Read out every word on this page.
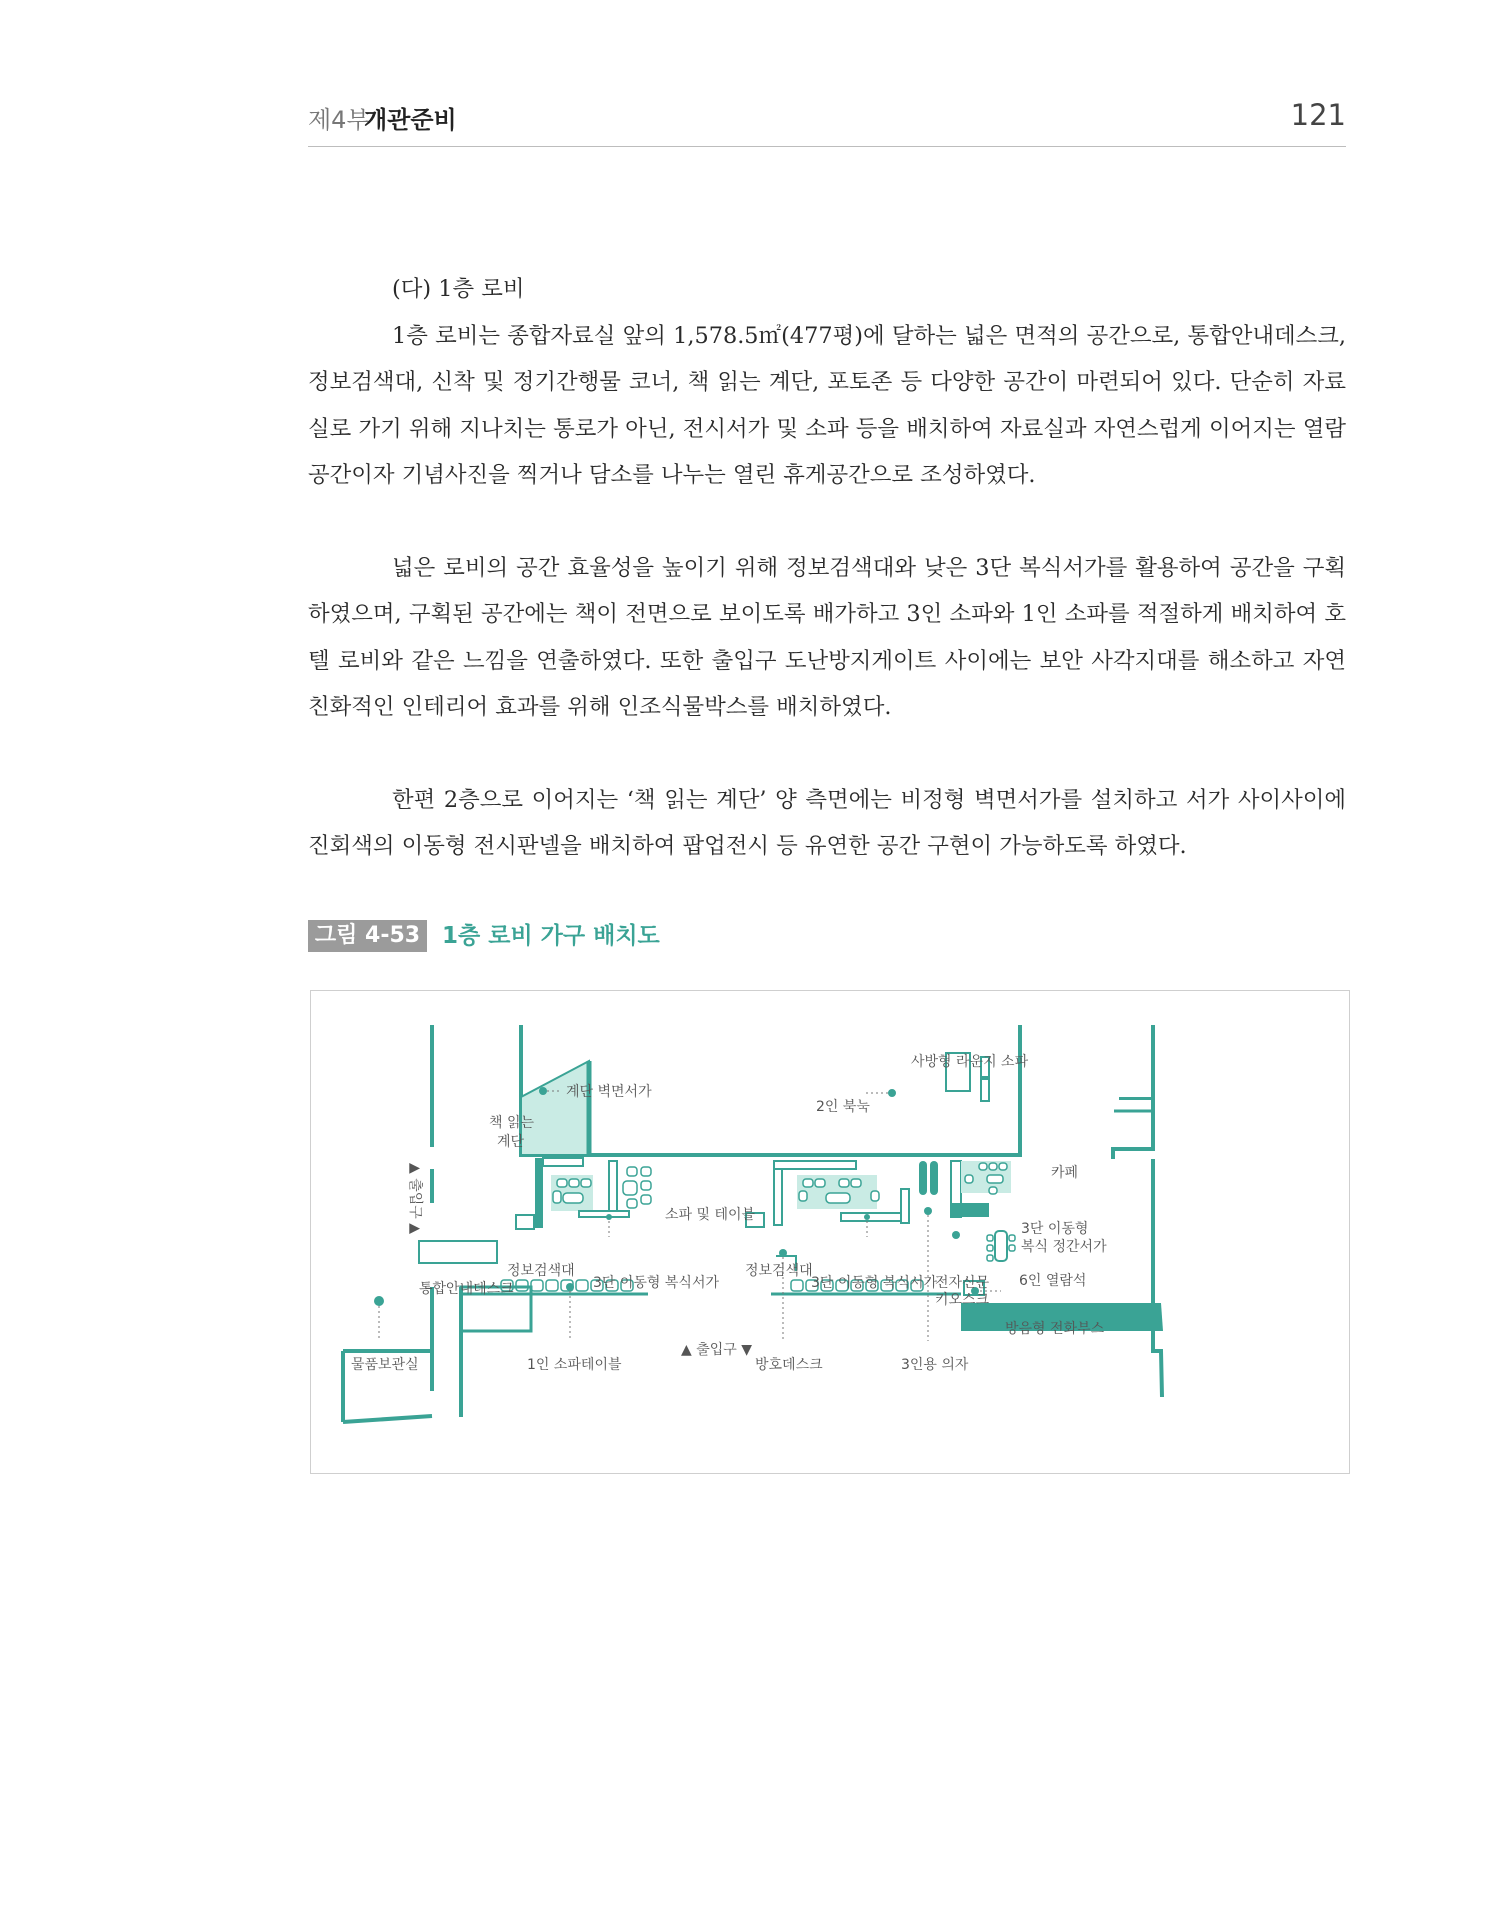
제4부
개관준비	121

(다) 1층 로비

1층 로비는 종합자료실 앞의 1,578.5㎡(477평)에 달하는 넓은 면적의 공간으로, 통합안내데스크, 정보검색대, 신착 및 정기간행물 코너, 책 읽는 계단, 포토존 등 다양한 공간이 마련되어 있다. 단순히 자료실로 가기 위해 지나치는 통로가 아닌, 전시서가 및 소파 등을 배치하여 자료실과 자연스럽게 이어지는 열람공간이자 기념사진을 찍거나 담소를 나누는 열린 휴게공간으로 조성하였다.

넓은 로비의 공간 효율성을 높이기 위해 정보검색대와 낮은 3단 복식서가를 활용하여 공간을 구획하였으며, 구획된 공간에는 책이 전면으로 보이도록 배가하고 3인 소파와 1인 소파를 적절하게 배치하여 호텔 로비와 같은 느낌을 연출하였다. 또한 출입구 도난방지게이트 사이에는 보안 사각지대를 해소하고 자연 친화적인 인테리어 효과를 위해 인조식물박스를 배치하였다.

한편 2층으로 이어지는 ‘책 읽는 계단’ 양 측면에는 비정형 벽면서가를 설치하고 서가 사이사이에 진회색의 이동형 전시판넬을 배치하여 팝업전시 등 유연한 공간 구현이 가능하도록 하였다.

그림 4-53 1층 로비 가구 배치도
계단 벽면서가
책 읽는
계단
사방형 라운지 소파
2인 북눅
카페
▲ 출입구 ▲	소파 및 테이블
정보검색대
3단 이동형 복식서가
정보검색대
3단 이동형 복식서가
3단 이동형
복식 정간서가
전자신문
키오스크
6인 열람석
통합안내데스크
▲ 출입구 ▼
방음형 전화부스
포토존
물품보관실	1인 소파테이블	방호데스크	3인용 의자
